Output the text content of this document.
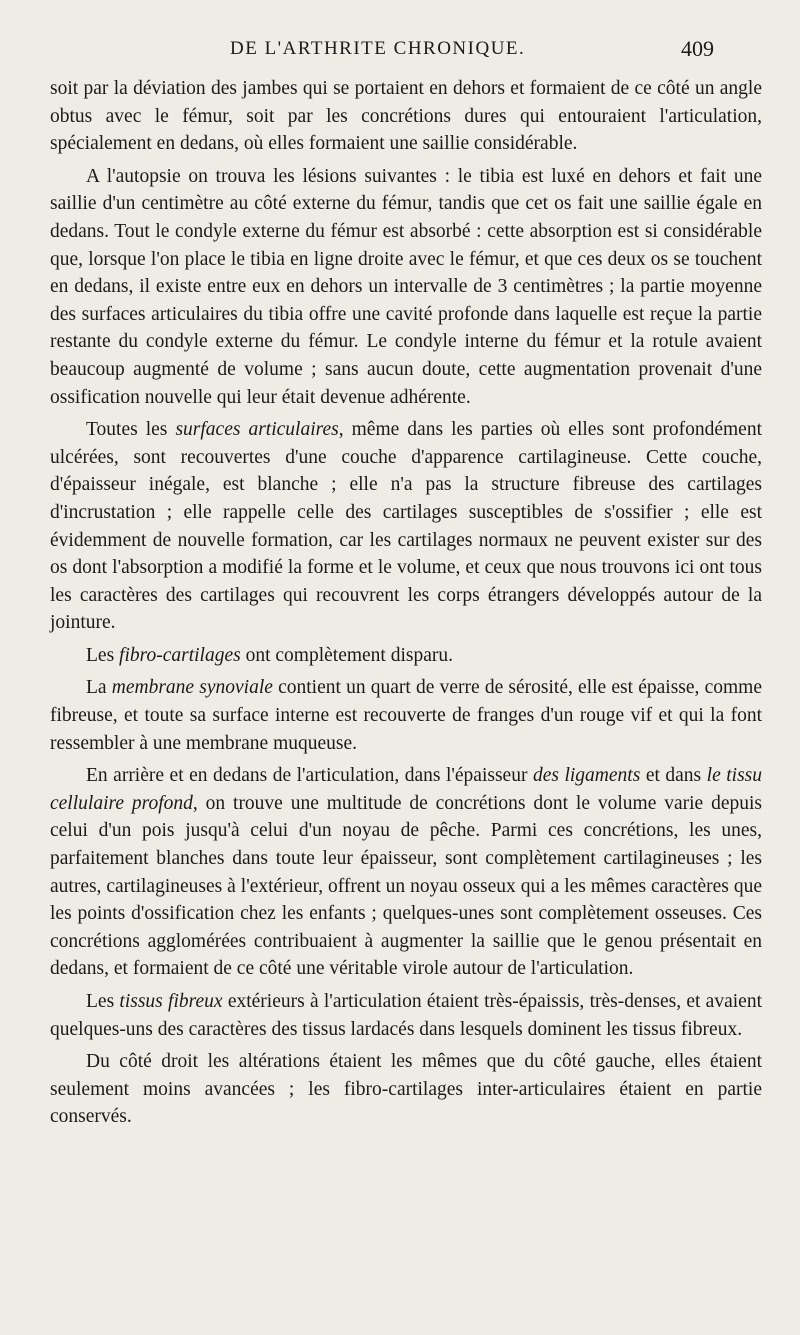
DE L'ARTHRITE CHRONIQUE.	409

soit par la déviation des jambes qui se portaient en dehors et formaient de ce côté un angle obtus avec le fémur, soit par les concrétions dures qui entouraient l'articulation, spécialement en dedans, où elles formaient une saillie considérable.

A l'autopsie on trouva les lésions suivantes : le tibia est luxé en dehors et fait une saillie d'un centimètre au côté externe du fémur, tandis que cet os fait une saillie égale en dedans. Tout le condyle externe du fémur est absorbé : cette absorption est si considérable que, lorsque l'on place le tibia en ligne droite avec le fémur, et que ces deux os se touchent en dedans, il existe entre eux en dehors un intervalle de 3 centimètres ; la partie moyenne des surfaces articulaires du tibia offre une cavité profonde dans laquelle est reçue la partie restante du condyle externe du fémur. Le condyle interne du fémur et la rotule avaient beaucoup augmenté de volume ; sans aucun doute, cette augmentation provenait d'une ossification nouvelle qui leur était devenue adhérente.

Toutes les surfaces articulaires, même dans les parties où elles sont profondément ulcérées, sont recouvertes d'une couche d'apparence cartilagineuse. Cette couche, d'épaisseur inégale, est blanche ; elle n'a pas la structure fibreuse des cartilages d'incrustation ; elle rappelle celle des cartilages susceptibles de s'ossifier ; elle est évidemment de nouvelle formation, car les cartilages normaux ne peuvent exister sur des os dont l'absorption a modifié la forme et le volume, et ceux que nous trouvons ici ont tous les caractères des cartilages qui recouvrent les corps étrangers développés autour de la jointure.

Les fibro-cartilages ont complètement disparu.

La membrane synoviale contient un quart de verre de sérosité, elle est épaisse, comme fibreuse, et toute sa surface interne est recouverte de franges d'un rouge vif et qui la font ressembler à une membrane muqueuse.

En arrière et en dedans de l'articulation, dans l'épaisseur des ligaments et dans le tissu cellulaire profond, on trouve une multitude de concrétions dont le volume varie depuis celui d'un pois jusqu'à celui d'un noyau de pêche. Parmi ces concrétions, les unes, parfaitement blanches dans toute leur épaisseur, sont complètement cartilagineuses ; les autres, cartilagineuses à l'extérieur, offrent un noyau osseux qui a les mêmes caractères que les points d'ossification chez les enfants ; quelques-unes sont complètement osseuses. Ces concrétions agglomérées contribuaient à augmenter la saillie que le genou présentait en dedans, et formaient de ce côté une véritable virole autour de l'articulation.

Les tissus fibreux extérieurs à l'articulation étaient très-épaissis, très-denses, et avaient quelques-uns des caractères des tissus lardacés dans lesquels dominent les tissus fibreux.

Du côté droit les altérations étaient les mêmes que du côté gauche, elles étaient seulement moins avancées ; les fibro-cartilages inter-articulaires étaient en partie conservés.
